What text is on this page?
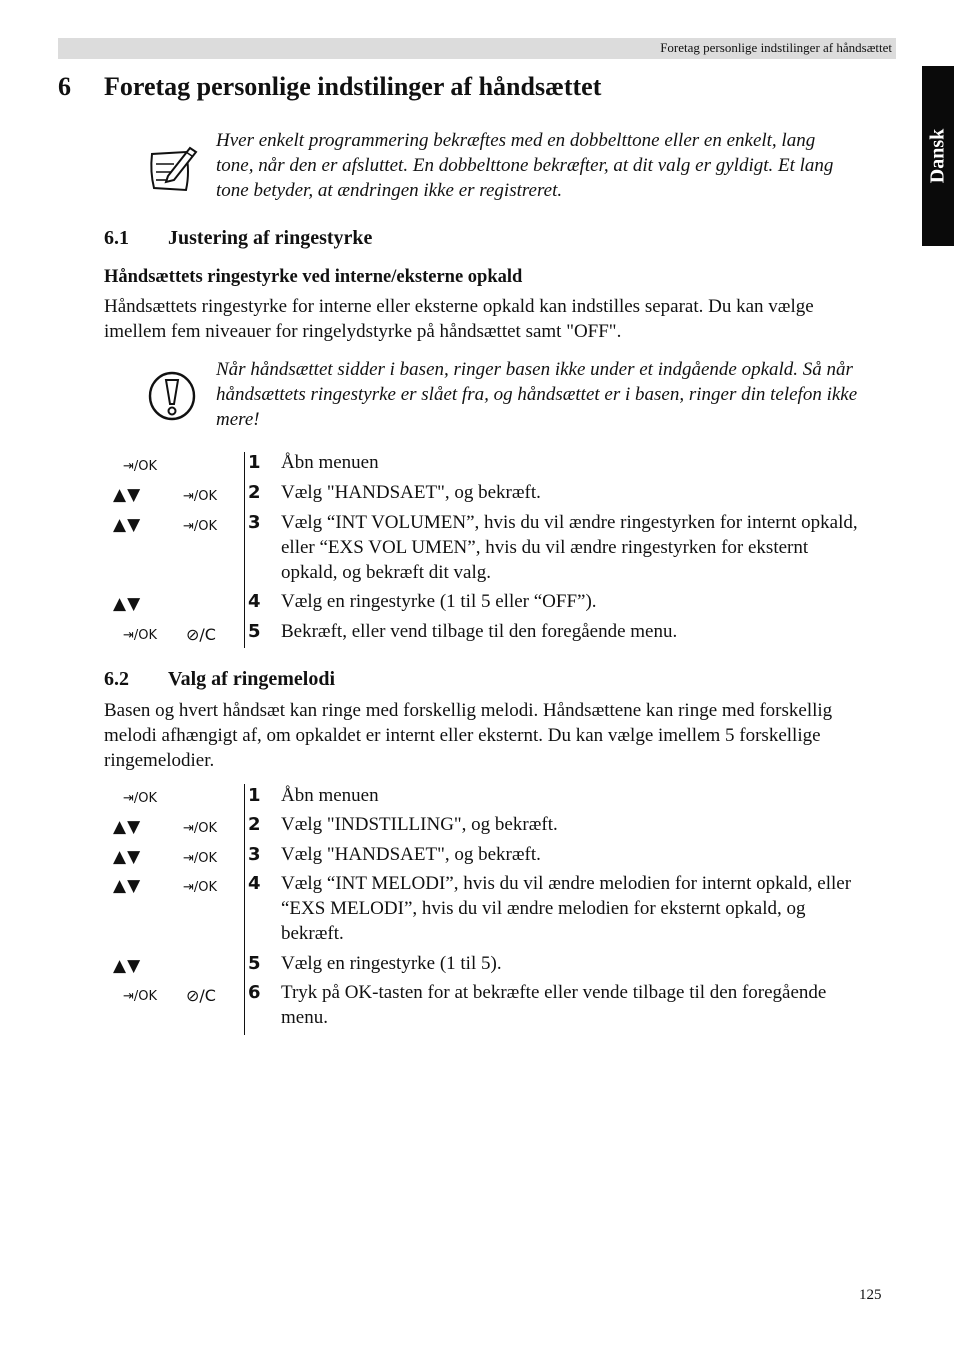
Foretag personlige indstilinger af håndsættet
Dansk
6 Foretag personlige indstilinger af håndsættet
Hver enkelt programmering bekræftes med en dobbelttone eller en enkelt, lang
tone, når den er afsluttet. En dobbelttone bekræfter, at dit valg er gyldigt. Et lang
tone betyder, at ændringen ikke er registreret.
6.1 Justering af ringestyrke
Håndsættets ringestyrke ved interne/eksterne opkald
Håndsættets ringestyrke for interne eller eksterne opkald kan indstilles separat. Du kan vælge
imellem fem niveauer for ringelydstyrke på håndsættet samt "OFF".
Når håndsættet sidder i basen, ringer basen ikke under et indgående opkald. Så når
håndsættets ringestyrke er slået fra, og håndsættet er i basen, ringer din telefon ikke
mere!
⇥/OK	1 Åbn menuen
▲▼	⇥/OK 2 Vælg "HANDSAET", og bekræft.
▲▼	⇥/OK 3 Vælg “INT VOLUMEN”, hvis du vil ændre ringestyrken for internt opkald,
eller “EXS VOL UMEN”, hvis du vil ændre ringestyrken for eksternt
opkald, og bekræft dit valg.
▲▼	4 Vælg en ringestyrke (1 til 5 eller “OFF”).
⇥/OK ⊘/C 5 Bekræft, eller vend tilbage til den foregående menu.
6.2 Valg af ringemelodi
Basen og hvert håndsæt kan ringe med forskellig melodi. Håndsættene kan ringe med forskellig
melodi afhængigt af, om opkaldet er internt eller eksternt. Du kan vælge imellem 5 forskellige
ringemelodier.
⇥/OK	1 Åbn menuen
▲▼	⇥/OK 2 Vælg "INDSTILLING", og bekræft.
▲▼	⇥/OK 3 Vælg "HANDSAET", og bekræft.
▲▼	⇥/OK 4 Vælg “INT MELODI”, hvis du vil ændre melodien for internt opkald, eller
“EXS MELODI”, hvis du vil ændre melodien for eksternt opkald, og
bekræft.
▲▼	5 Vælg en ringestyrke (1 til 5).
⇥/OK ⊘/C 6 Tryk på OK-tasten for at bekræfte eller vende tilbage til den foregående
menu.
125
